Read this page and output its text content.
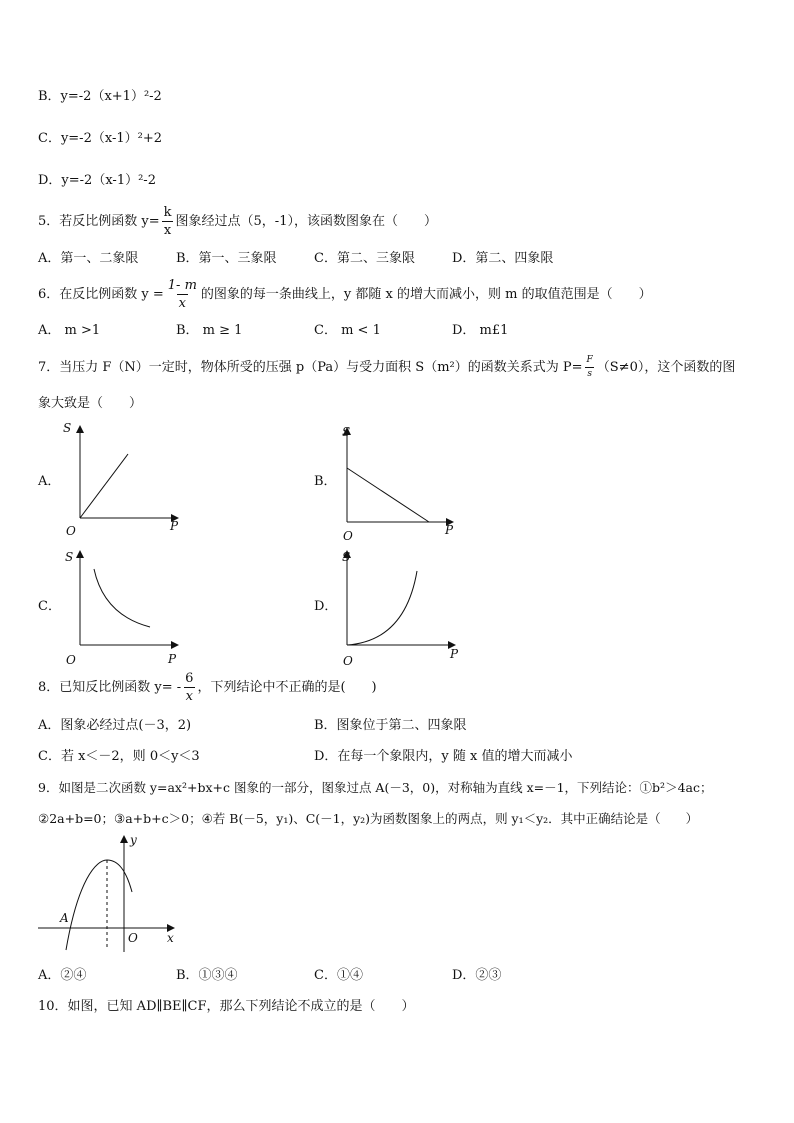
B．y=-2（x+1）²-2
C．y=-2（x-1）²+2
D．y=-2（x-1）²-2
5．若反比例函数 $y= \frac{k}{x}$ 图象经过点（5，-1），该函数图象在（　　）
A．第一、二象限	B．第一、三象限	C．第二、三象限	D．第二、四象限
6．在反比例函数 $y = \frac{1- m}{x}$ 的图象的每一条曲线上，y 都随 x 的增大而减小，则 m 的取值范围是（　　）
A． m >1	B． m ≥ 1	C． m < 1	D． m£1
7．当压力 F（N）一定时，物体所受的压强 p（Pa）与受力面积 S（m²）的函数关系式为 $P= \frac{F}{s} (S\ne 0)$，这个函数的图
象大致是（　　）
A．	B．
C．	D．
S
P
O
S
P
O
S
P
O
S
P
O
8．已知反比例函数 $y= - \frac{6}{x}$ ，下列结论中不正确的是(　　)
A．图象必经过点(－3，2)	B．图象位于第二、四象限
C．若 x＜－2，则 0＜y＜3	D．在每一个象限内，y 随 x 值的增大而减小
9．如图是二次函数 y=ax²+bx+c 图象的一部分，图象过点 A(－3，0)，对称轴为直线 x=－1，下列结论：①b²＞4ac；
②2a+b=0；③a+b+c＞0；④若 B(－5，y₁)、C(－1，y₂)为函数图象上的两点，则 y₁＜y₂．其中正确结论是（　　）
y
x
O
A
A．②④	B．①③④	C．①④	D．②③
10．如图，已知 AD∥BE∥CF，那么下列结论不成立的是（　　）
